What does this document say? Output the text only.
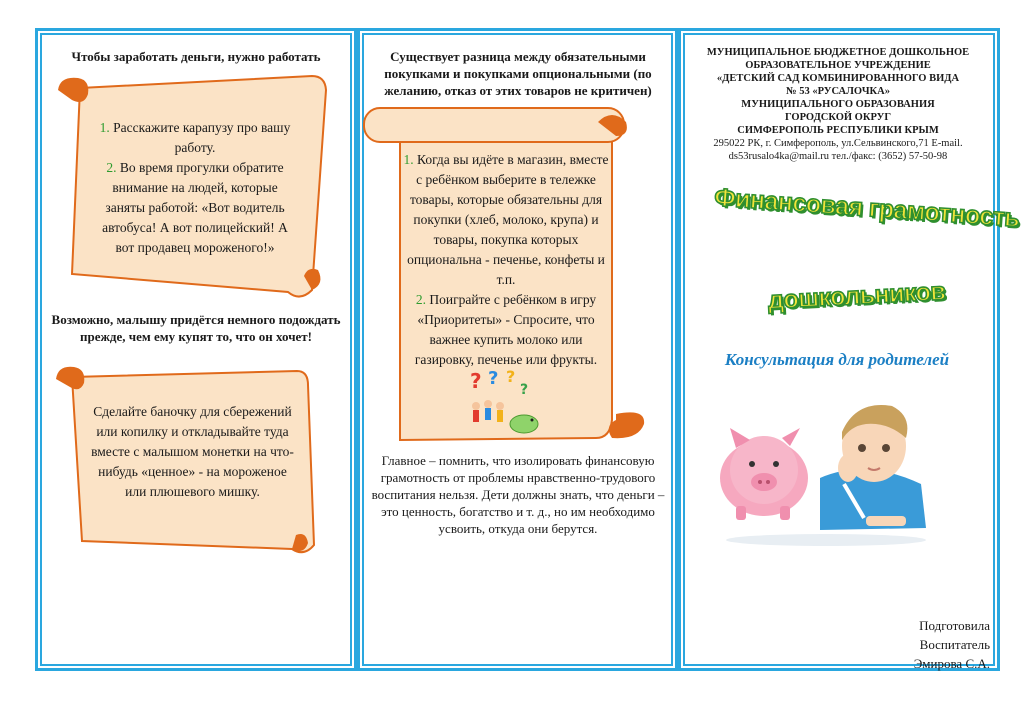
Чтобы заработать деньги, нужно работать
1. Расскажите карапузу про вашу работу.
2. Во время прогулки обратите внимание на людей, которые заняты работой: «Вот водитель автобуса! А вот полицейский! А вот продавец мороженого!»
Возможно, малышу придётся немного подождать прежде, чем ему купят то, что он хочет!
Сделайте баночку для сбережений или копилку и откладывайте туда вместе с малышом монетки на что-нибудь «ценное» - на мороженое или плюшевого мишку.
Существует разница между обязательными покупками и покупками опциональными (по желанию, отказ от этих товаров не критичен)
1. Когда вы идёте в магазин, вместе с ребёнком выберите в тележке товары, которые обязательны для покупки (хлеб, молоко, крупа) и товары, покупка которых опциональна - печенье, конфеты и т.п.
2. Поиграйте с ребёнком в игру «Приоритеты» - Спросите, что важнее купить молоко или газировку, печенье или фрукты.
? ? ?
?
Главное – помнить, что изолировать финансовую грамотность от проблемы нравственно-трудового воспитания нельзя. Дети должны знать, что деньги – это ценность, богатство и т. д., но им необходимо усвоить, откуда они берутся.
МУНИЦИПАЛЬНОЕ БЮДЖЕТНОЕ ДОШКОЛЬНОЕ
ОБРАЗОВАТЕЛЬНОЕ УЧРЕЖДЕНИЕ
«ДЕТСКИЙ САД КОМБИНИРОВАННОГО ВИДА
№ 53 «РУСАЛОЧКА»
МУНИЦИПАЛЬНОГО ОБРАЗОВАНИЯ
ГОРОДСКОЙ ОКРУГ
СИМФЕРОПОЛЬ РЕСПУБЛИКИ КРЫМ
295022 РК, г. Симферополь, ул.Сельвинского,71 E-mail. ds53rusalo4ka@mail.ru тел./факс: (3652) 57-50-98
Финансовая грамотность
дошкольников
Консультация для родителей
Подготовила
Воспитатель
Эмирова С.А.
